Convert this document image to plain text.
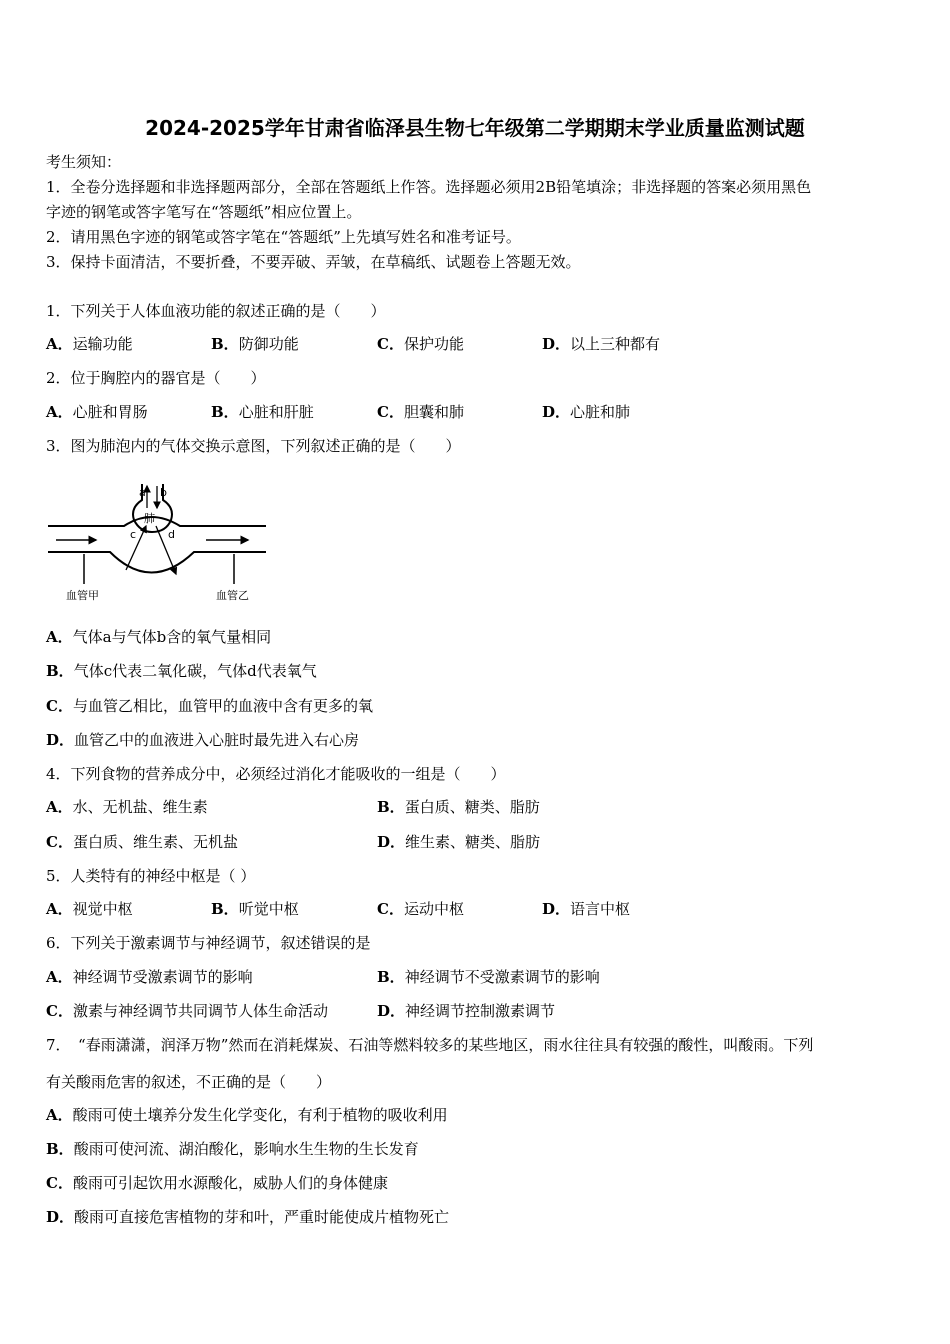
2024-2025学年甘肃省临泽县生物七年级第二学期期末学业质量监测试题
考生须知：
1．全卷分选择题和非选择题两部分，全部在答题纸上作答。选择题必须用2B铅笔填涂；非选择题的答案必须用黑色
字迹的钢笔或答字笔写在“答题纸”相应位置上。
2．请用黑色字迹的钢笔或答字笔在“答题纸”上先填写姓名和准考证号。
3．保持卡面清洁，不要折叠，不要弄破、弄皱，在草稿纸、试题卷上答题无效。
1．下列关于人体血液功能的叙述正确的是（　　）
A．运输功能	B．防御功能	C．保护功能	D．以上三种都有
2．位于胸腔内的器官是（　　）
A．心脏和胃肠	B．心脏和肝脏	C．胆囊和肺	D．心脏和肺
3．图为肺泡内的气体交换示意图，下列叙述正确的是（　　）
a b
肺
c	d
血管甲	血管乙
A．气体a与气体b含的氧气量相同
B．气体c代表二氧化碳，气体d代表氧气
C．与血管乙相比，血管甲的血液中含有更多的氧
D．血管乙中的血液进入心脏时最先进入右心房
4．下列食物的营养成分中，必须经过消化才能吸收的一组是（　　）
A．水、无机盐、维生素	B．蛋白质、糖类、脂肪
C．蛋白质、维生素、无机盐	D．维生素、糖类、脂肪
5．人类特有的神经中枢是（ ）
A．视觉中枢	B．听觉中枢	C．运动中枢	D．语言中枢
6．下列关于激素调节与神经调节，叙述错误的是
A．神经调节受激素调节的影响	B．神经调节不受激素调节的影响
C．激素与神经调节共同调节人体生命活动	D．神经调节控制激素调节
7．　“春雨潇潇，润泽万物”然而在消耗煤炭、石油等燃料较多的某些地区，雨水往往具有较强的酸性，叫酸雨。下列
有关酸雨危害的叙述，不正确的是（　　）
A．酸雨可使土壤养分发生化学变化，有利于植物的吸收利用
B．酸雨可使河流、湖泊酸化，影响水生生物的生长发育
C．酸雨可引起饮用水源酸化，威胁人们的身体健康
D．酸雨可直接危害植物的芽和叶，严重时能使成片植物死亡
